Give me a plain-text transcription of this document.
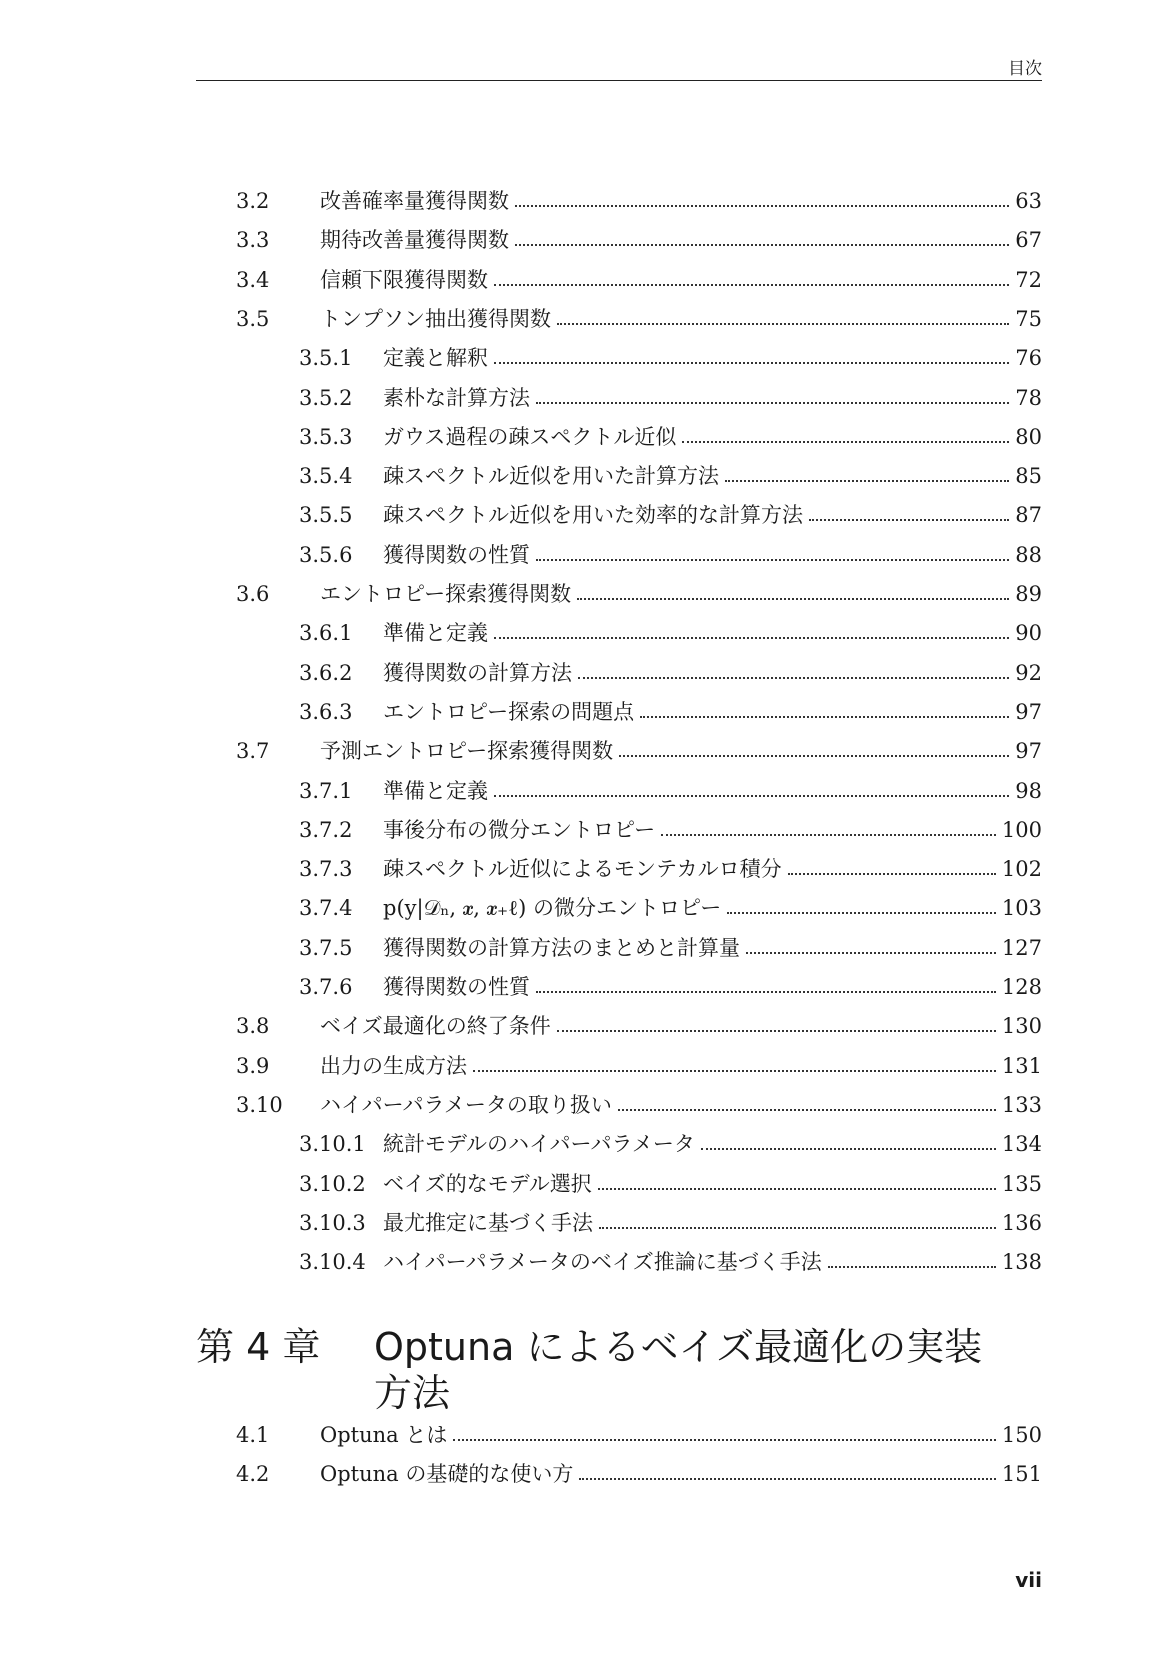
目次
3.2	改善確率量獲得関数	63
3.3	期待改善量獲得関数	67
3.4	信頼下限獲得関数	72
3.5	トンプソン抽出獲得関数	75
3.5.1	定義と解釈	76
3.5.2	素朴な計算方法	78
3.5.3	ガウス過程の疎スペクトル近似	80
3.5.4	疎スペクトル近似を用いた計算方法	85
3.5.5	疎スペクトル近似を用いた効率的な計算方法	87
3.5.6	獲得関数の性質	88
3.6	エントロピー探索獲得関数	89
3.6.1	準備と定義	90
3.6.2	獲得関数の計算方法	92
3.6.3	エントロピー探索の問題点	97
3.7	予測エントロピー探索獲得関数	97
3.7.1	準備と定義	98
3.7.2	事後分布の微分エントロピー	100
3.7.3	疎スペクトル近似によるモンテカルロ積分	102
3.7.4	p(y|𝒟ₙ, 𝒙, 𝒙₊ℓ) の微分エントロピー	103
3.7.5	獲得関数の計算方法のまとめと計算量	127
3.7.6	獲得関数の性質	128
3.8	ベイズ最適化の終了条件	130
3.9	出力の生成方法	131
3.10	ハイパーパラメータの取り扱い	133
3.10.1 統計モデルのハイパーパラメータ	134
3.10.2 ベイズ的なモデル選択	135
3.10.3 最尤推定に基づく手法	136
3.10.4 ハイパーパラメータのベイズ推論に基づく手法	138
第 4 章 Optuna によるベイズ最適化の実装方法
4.1	Optuna とは	150
4.2	Optuna の基礎的な使い方	151
vii
